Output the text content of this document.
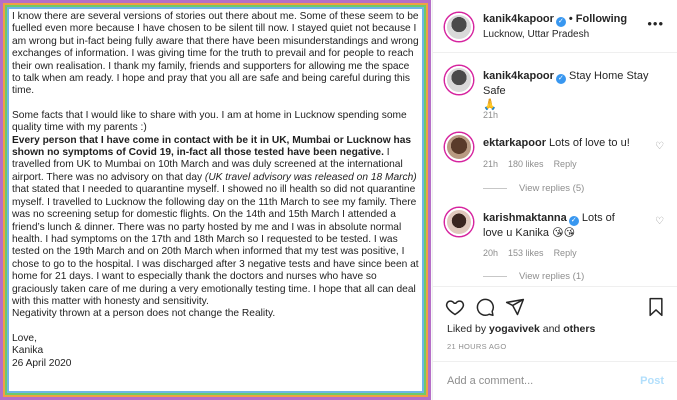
I know there are several versions of stories out there about me. Some of these seem to be fuelled even more because I have chosen to be silent till now. I stayed quiet not because I am wrong but in-fact being fully aware that there have been misunderstandings and wrong exchanges of information. I was giving time for the truth to prevail and for people to reach their own realisation. I thank my family, friends and supporters for allowing me the space to talk when am ready. I hope and pray that you all are safe and being careful during this time.

Some facts that I would like to share with you. I am at home in Lucknow spending some quality time with my parents :)

Every person that I have come in contact with be it in UK, Mumbai or Lucknow has shown no symptoms of Covid 19, in-fact all those tested have been negative. I travelled from UK to Mumbai on 10th March and was duly screened at the international airport. There was no advisory on that day (UK travel advisory was released on 18 March) that stated that I needed to quarantine myself. I showed no ill health so did not quarantine myself. I travelled to Lucknow the following day on the 11th March to see my family. There was no screening setup for domestic flights. On the 14th and 15th March I attended a friend’s lunch & dinner. There was no party hosted by me and I was in absolute normal health. I had symptoms on the 17th and 18th March so I requested to be tested. I was tested on the 19th March and on 20th March when informed that my test was positive, I chose to go to the hospital. I was discharged after 3 negative tests and have since been at home for 21 days. I want to especially thank the doctors and nurses who have so graciously taken care of me during a very emotionally testing time. I hope that all can deal with this matter with honesty and sensitivity.

Negativity thrown at a person does not change the Reality.

Love,

Kanika

26 April 2020

kanik4kapoor ✓ • Following
Lucknow, Uttar Pradesh
•••
kanik4kapoor ✓ Stay Home Stay Safe
🙏
21h
ektarkapoor Lots of love to u!	♡
21h 180 likes Reply
View replies (5)
karishmaktanna ✓ Lots of love u Kanika 😘😘
♡
20h 153 likes Reply
View replies (1)
Liked by yogavivek and others
21 HOURS AGO
Add a comment...	Post
